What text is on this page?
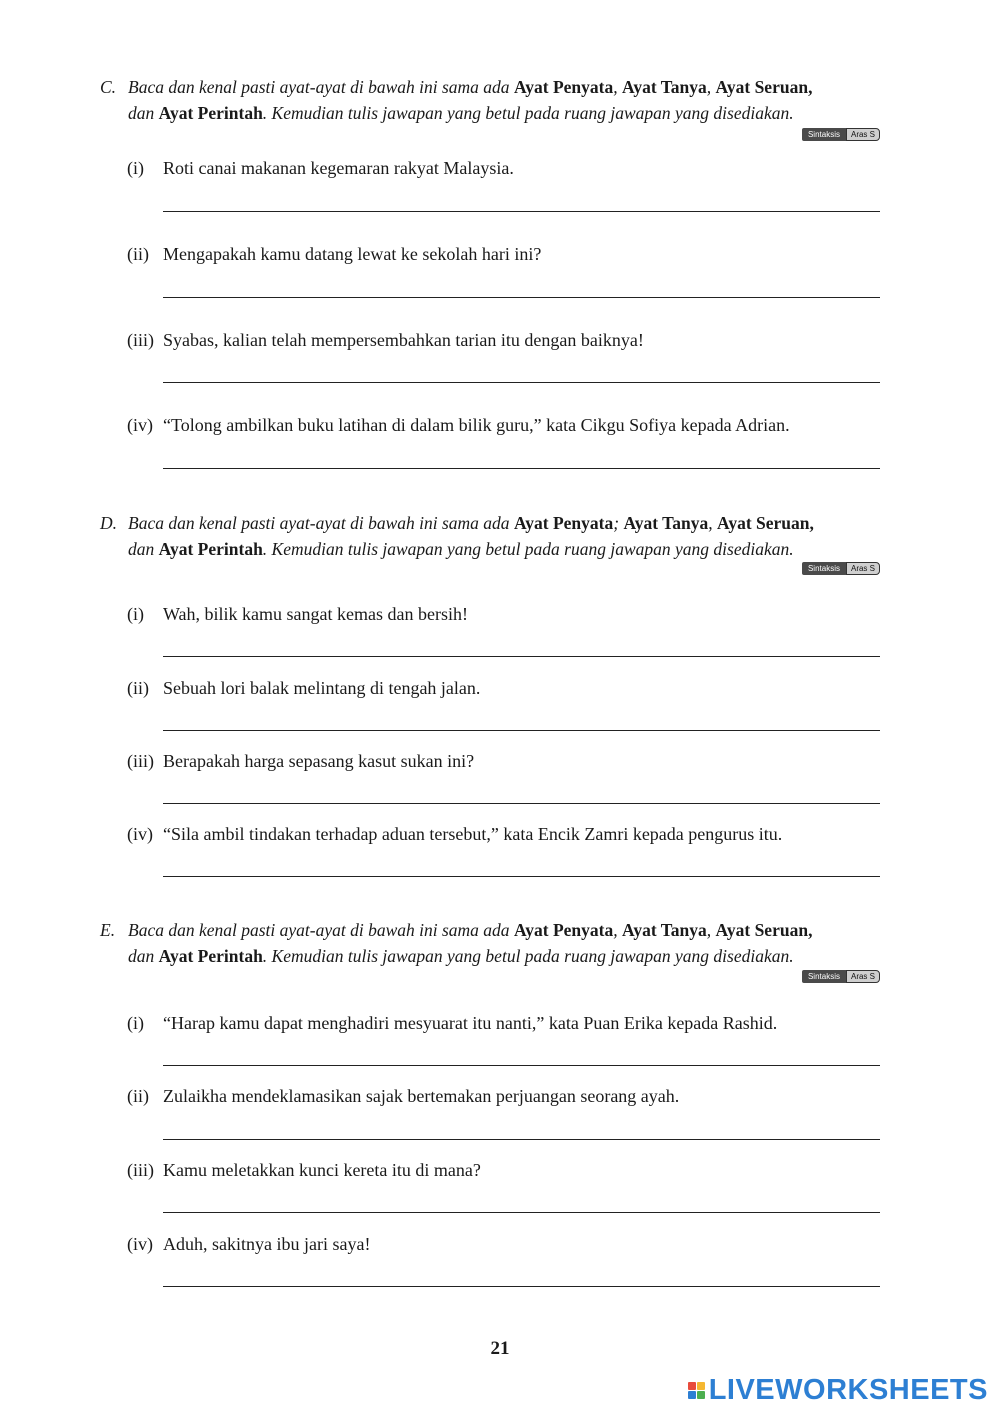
C. Baca dan kenal pasti ayat-ayat di bawah ini sama ada Ayat Penyata, Ayat Tanya, Ayat Seruan,
dan Ayat Perintah. Kemudian tulis jawapan yang betul pada ruang jawapan yang disediakan.
Sintaksis	Aras S
(i) Roti canai makanan kegemaran rakyat Malaysia.
(ii) Mengapakah kamu datang lewat ke sekolah hari ini?
(iii) Syabas, kalian telah mempersembahkan tarian itu dengan baiknya!
(iv) “Tolong ambilkan buku latihan di dalam bilik guru,” kata Cikgu Sofiya kepada Adrian.
D. Baca dan kenal pasti ayat-ayat di bawah ini sama ada Ayat Penyata; Ayat Tanya, Ayat Seruan,
dan Ayat Perintah. Kemudian tulis jawapan yang betul pada ruang jawapan yang disediakan.
Sintaksis	Aras S
(i) Wah, bilik kamu sangat kemas dan bersih!
(ii) Sebuah lori balak melintang di tengah jalan.
(iii) Berapakah harga sepasang kasut sukan ini?
(iv) “Sila ambil tindakan terhadap aduan tersebut,” kata Encik Zamri kepada pengurus itu.
E. Baca dan kenal pasti ayat-ayat di bawah ini sama ada Ayat Penyata, Ayat Tanya, Ayat Seruan,
dan Ayat Perintah. Kemudian tulis jawapan yang betul pada ruang jawapan yang disediakan.
Sintaksis	Aras S
(i) “Harap kamu dapat menghadiri mesyuarat itu nanti,” kata Puan Erika kepada Rashid.
(ii) Zulaikha mendeklamasikan sajak bertemakan perjuangan seorang ayah.
(iii) Kamu meletakkan kunci kereta itu di mana?
(iv) Aduh, sakitnya ibu jari saya!
21
LIVEWORKSHEETS
